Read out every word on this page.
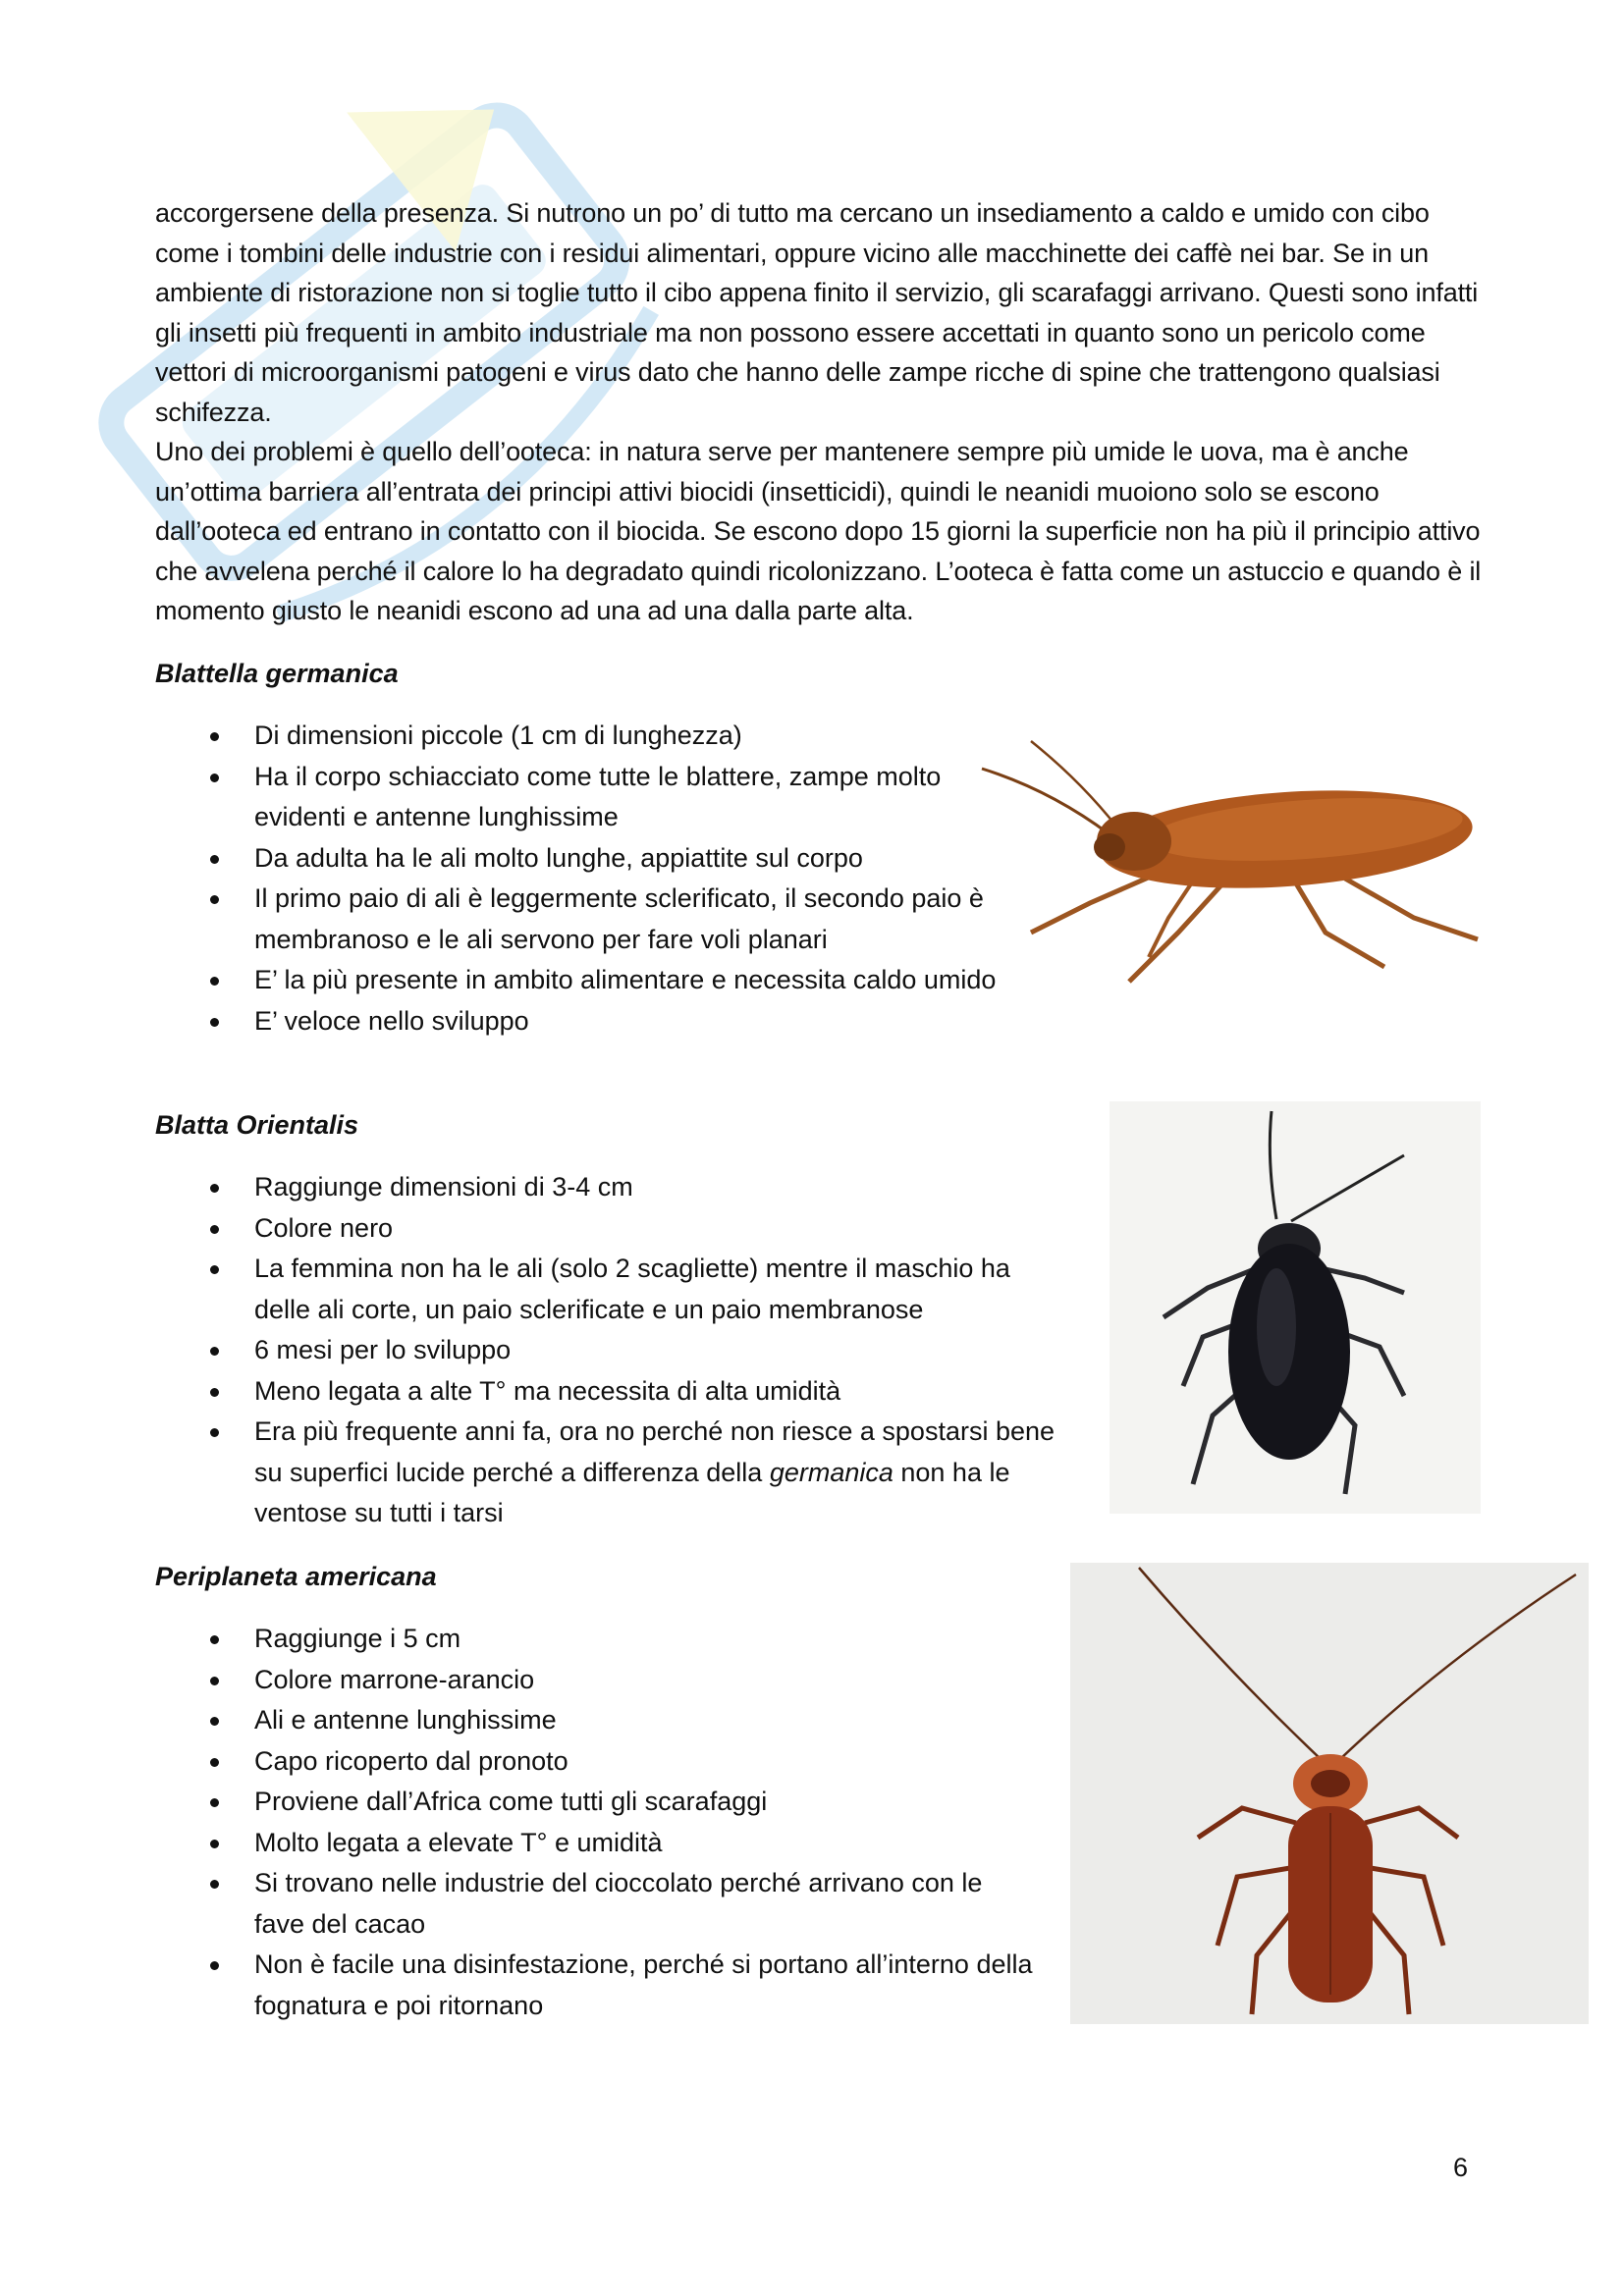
accorgersene della presenza. Si nutrono un po’ di tutto ma cercano un insediamento a caldo e umido con cibo come i tombini delle industrie con i residui alimentari, oppure vicino alle macchinette dei caffè nei bar. Se in un ambiente di ristorazione non si toglie tutto il cibo appena finito il servizio, gli scarafaggi arrivano. Questi sono infatti gli insetti più frequenti in ambito industriale ma non possono essere accettati in quanto sono un pericolo come vettori di microorganismi patogeni e virus dato che hanno delle zampe ricche di spine che trattengono qualsiasi schifezza.

Uno dei problemi è quello dell’ooteca: in natura serve per mantenere sempre più umide le uova, ma è anche un’ottima barriera all’entrata dei principi attivi biocidi (insetticidi), quindi le neanidi muoiono solo se escono dall’ooteca ed entrano in contatto con il biocida. Se escono dopo 15 giorni la superficie non ha più il principio attivo che avvelena perché il calore lo ha degradato quindi ricolonizzano. L’ooteca è fatta come un astuccio e quando è il momento giusto le neanidi escono ad una ad una dalla parte alta.

Blattella germanica
Di dimensioni piccole (1 cm di lunghezza)
Ha il corpo schiacciato come tutte le blattere, zampe molto evidenti e antenne lunghissime
Da adulta ha le ali molto lunghe, appiattite sul corpo
Il primo paio di ali è leggermente sclerificato, il secondo paio è membranoso e le ali servono per fare voli planari
E’ la più presente in ambito alimentare e necessita caldo umido
E’ veloce nello sviluppo
Blatta Orientalis
Raggiunge dimensioni di 3-4 cm
Colore nero
La femmina non ha le ali (solo 2 scagliette) mentre il maschio ha delle ali corte, un paio sclerificate e un paio membranose
6 mesi per lo sviluppo
Meno legata a alte T° ma necessita di alta umidità
Era più frequente anni fa, ora no perché non riesce a spostarsi bene su superfici lucide perché a differenza della germanica non ha le ventose su tutti i tarsi
Periplaneta americana
Raggiunge i 5 cm
Colore marrone-arancio
Ali e antenne lunghissime
Capo ricoperto dal pronoto
Proviene dall’Africa come tutti gli scarafaggi
Molto legata a elevate T° e umidità
Si trovano nelle industrie del cioccolato perché arrivano con le fave del cacao
Non è facile una disinfestazione, perché si portano all’interno della fognatura e poi ritornano
6
